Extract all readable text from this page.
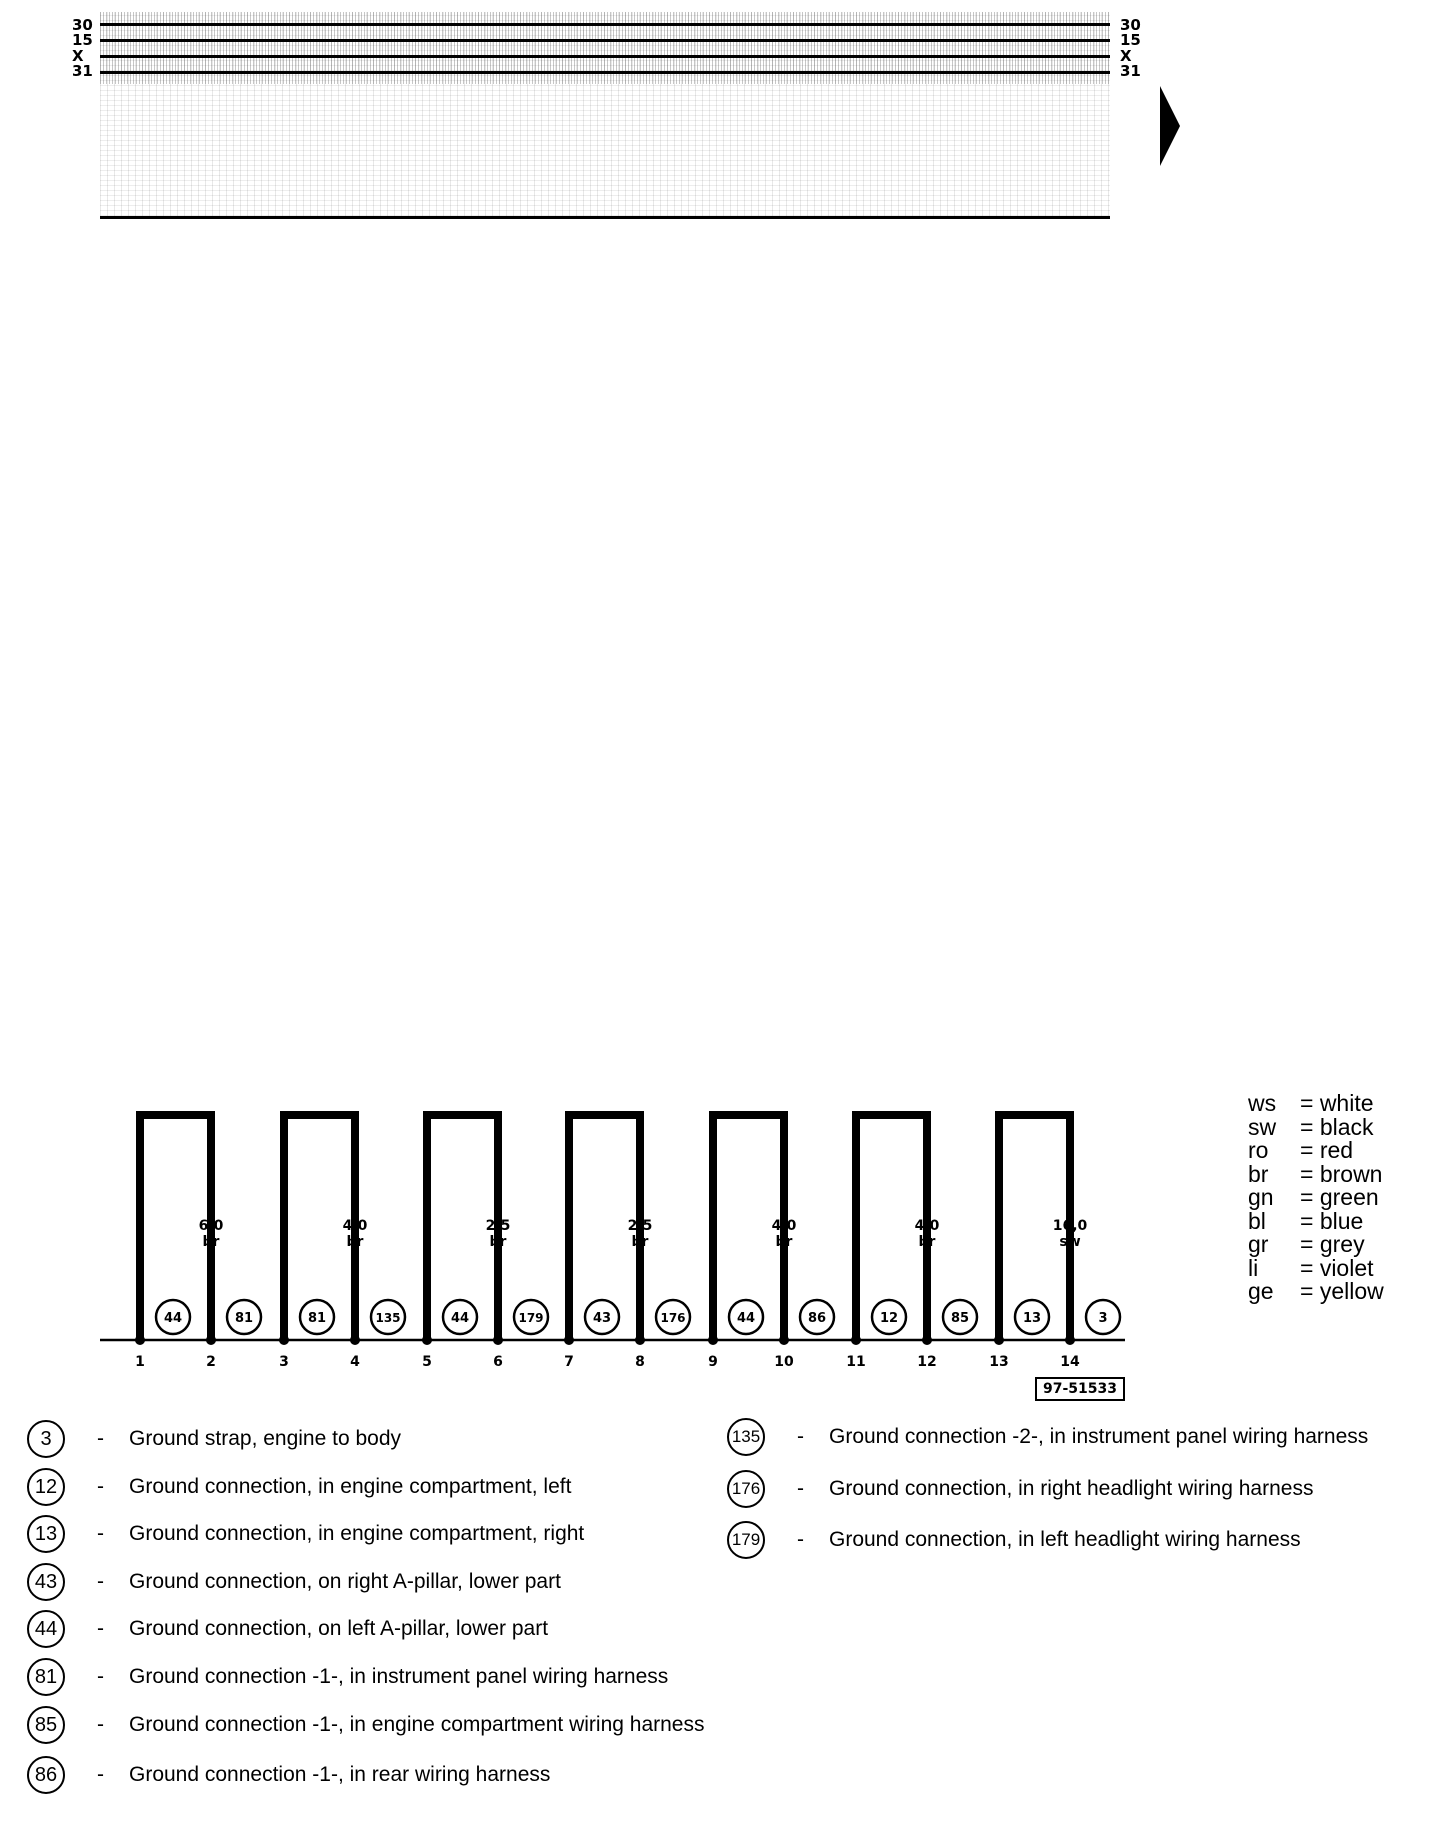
30
15
X
31
30
15
X
31
6,0
br
4,0
br
2,5
br
2,5
br
4,0
br
4,0
br
16,0
sw
44	81	81	135	44	179	43	176	44	86	12	85	13	3
1	2	3	4	5	6	7	8	9	10	11	12	13	14
97-51533
ws = white
sw = black
ro = red
br = brown
gn = green
bl = blue
gr = grey
li = violet
ge = yellow
3	- Ground strap, engine to body
12	- Ground connection, in engine compartment, left
13	- Ground connection, in engine compartment, right
43	- Ground connection, on right A-pillar, lower part
44	- Ground connection, on left A-pillar, lower part
81	- Ground connection -1-, in instrument panel wiring harness
85	- Ground connection -1-, in engine compartment wiring harness
86	- Ground connection -1-, in rear wiring harness
135 - Ground connection -2-, in instrument panel wiring harness
176 - Ground connection, in right headlight wiring harness
179 - Ground connection, in left headlight wiring harness
